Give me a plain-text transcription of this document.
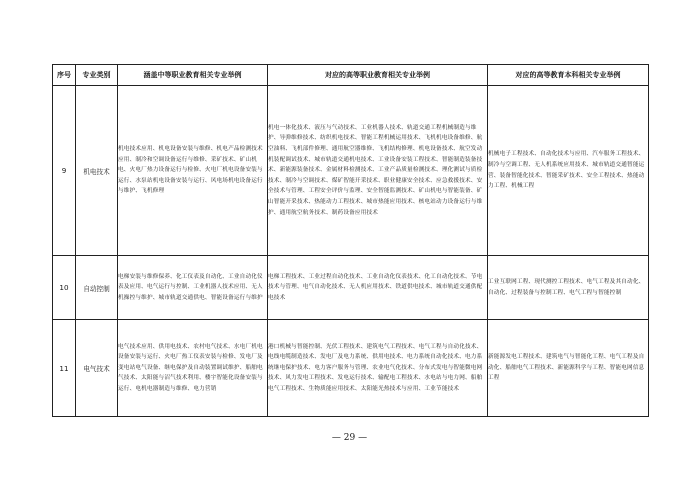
序号	专业类别	涵盖中等职业教育相关专业举例	对应的高等职业教育相关专业举例	对应的高等教育本科相关专业举例
9	机电技术	机电技术应用、机电设备安装与维修、机电产品检测技术应用、制冷和空调设备运行与维修、采矿技术、矿山机电、火电厂热力设备运行与检修、火电厂机电设备安装与运行、水泵站机电设备安装与运行、风电场机电设备运行与维护、飞机修理	机电一体化技术、液压与气动技术、工业机器人技术、轨道交通工程机械制造与维护、导弹维修技术、纺织机电技术、智能工程机械运用技术、飞机机电设备维修、航空油料、飞机部件修理、通用航空器维修、飞机结构修理、机电设备技术、航空发动机装配调试技术、城市轨道交通机电技术、工业设备安装工程技术、智能制造装备技术、新能源装备技术、金属材料检测技术、工业产品质量检测技术、理化测试与质检技术、制冷与空调技术、煤矿智能开采技术、职业健康安全技术、应急救援技术、安全技术与管理、工程安全评价与监理、安全智能监测技术、矿山机电与智能装备、矿山智能开采技术、热能动力工程技术、城市热能应用技术、核电站动力设备运行与维护、通用航空航务技术、制药设备应用技术	机械电子工程技术、自动化技术与应用、汽车服务工程技术、制冷与空调工程、无人机系统应用技术、城市轨道交通智能运营、装备智能化技术、智能采矿技术、安全工程技术、热能动力工程、机械工程
10	自动控制	电梯安装与维修保养、化工仪表及自动化、工业自动化仪表及应用、电气运行与控制、工业机器人技术应用、无人机操控与维护、城市轨道交通供电、智能设备运行与维护	电梯工程技术、工业过程自动化技术、工业自动化仪表技术、化工自动化技术、节电技术与管理、电气自动化技术、无人机应用技术、铁道供电技术、城市轨道交通供配电技术	工业互联网工程、现代测控工程技术、电气工程及其自动化、自动化、过程装备与控制工程、电气工程与智能控制
11	电气技术	电气技术应用、供用电技术、农村电气技术、水电厂机电设备安装与运行、火电厂热工仪表安装与检修、发电厂及变电站电气设备、继电保护及自动装置调试维护、船舶电气技术、太阳能与沼气技术利用、楼宇智能化设备安装与运行、电机电器制造与维修、电力营销	港口机械与智能控制、光伏工程技术、建筑电气工程技术、电气工程与自动化技术、电线电缆制造技术、发电厂及电力系统、供用电技术、电力系统自动化技术、电力系统继电保护技术、电力客户服务与管理、农业电气化技术、分布式发电与智能微电网技术、风力发电工程技术、发电运行技术、输配电工程技术、水电站与电力网、船舶电气工程技术、生物质能应用技术、太阳能光热技术与应用、工业节能技术	新能源发电工程技术、建筑电气与智能化工程、电气工程及自动化、船舶电气工程技术、新能源科学与工程、智能电网信息工程
— 29 —
